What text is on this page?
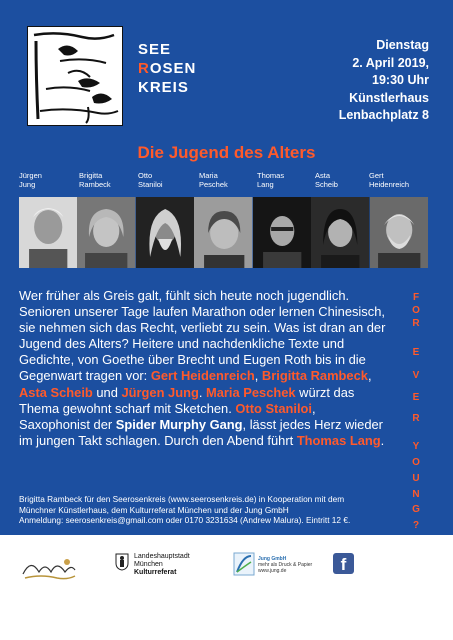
SEE
ROSEN
KREIS
Dienstag
2. April 2019,
19:30 Uhr
Künstlerhaus
Lenbachplatz 8
Die Jugend des Alters
Jürgen
Jung
Brigitta
Rambeck
Otto
Staniloi
Maria
Peschek
Thomas
Lang
Asta
Scheib
Gert
Heidenreich
Wer früher als Greis galt, fühlt sich heute noch jugendlich. Senioren unserer Tage laufen Marathon oder lernen Chinesisch, sie nehmen sich das Recht, verliebt zu sein. Was ist dran an der Jugend des Alters? Heitere und nachdenkliche Texte und Gedichte, von Goethe über Brecht und Eugen Roth bis in die Gegenwart tragen vor: Gert Heidenreich, Brigitta Rambeck, Asta Scheib und Jürgen Jung. Maria Peschek würzt das Thema gewohnt scharf mit Sketchen. Otto Staniloi, Saxophonist der Spider Murphy Gang, lässt jedes Herz wieder im jungen Takt schlagen. Durch den Abend führt Thomas Lang.
F
O
R
E
V
E
R
Y
O
U
N
G
?
Brigitta Rambeck für den Seerosenkreis (www.seerosenkreis.de) in Kooperation mit dem
Münchner Künstlerhaus, dem Kulturreferat München und der Jung GmbH
Anmeldung: seerosenkreis@gmail.com oder 0170 3231634 (Andrew Malura). Eintritt 12 €.
Landeshauptstadt
München
Kulturreferat
Jung GmbH
mehr als Druck & Papier
www.jung.de	f
